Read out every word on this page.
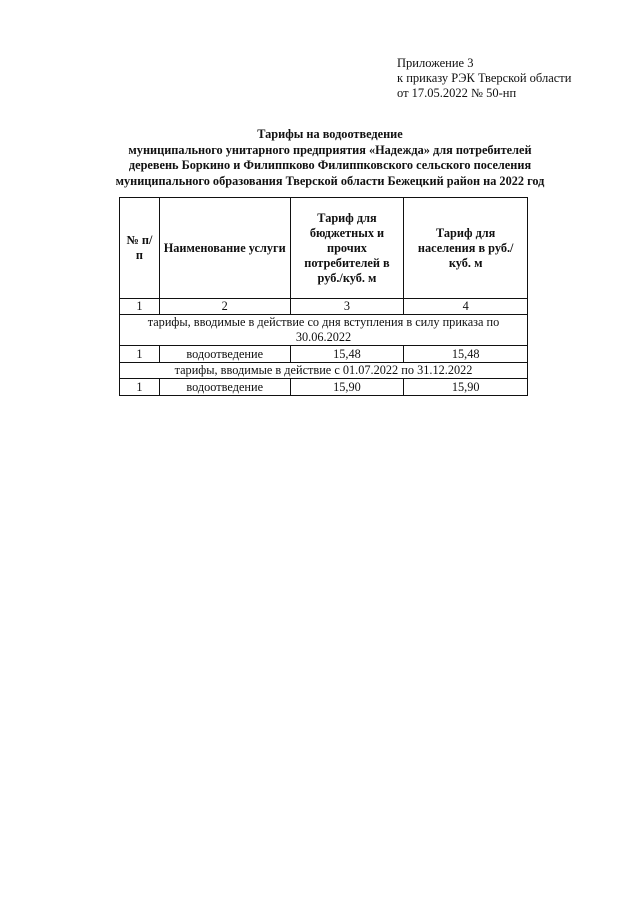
Приложение 3
к приказу РЭК Тверской области
от 17.05.2022 № 50-нп
Тарифы на водоотведение
муниципального унитарного предприятия «Надежда» для потребителей
деревень Боркино и Филиппково Филиппковского сельского поселения
муниципального образования Тверской области Бежецкий район на 2022 год
№ п/п	Наименование услуги	Тариф для бюджетных и прочих потребителей в руб./куб. м	Тариф для населения в руб./куб. м
1	2	3	4
тарифы, вводимые в действие со дня вступления в силу приказа по 30.06.2022			
1	водоотведение	15,48	15,48
тарифы, вводимые в действие с 01.07.2022 по 31.12.2022			
1	водоотведение	15,90	15,90
